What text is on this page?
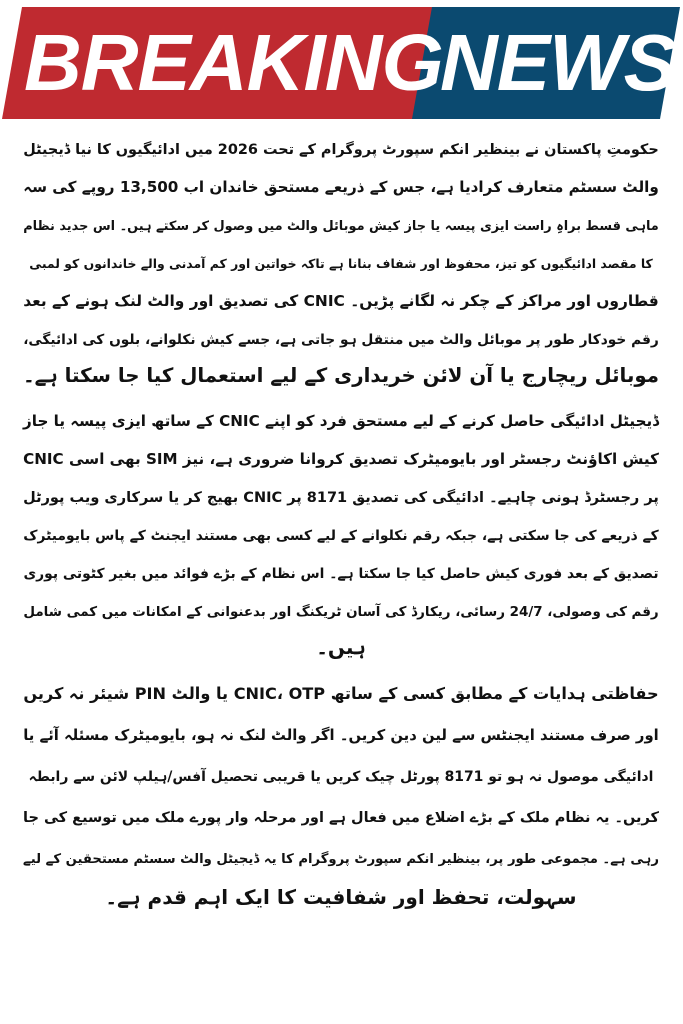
BREAKING
NEWS
حکومتِ پاکستان نے بینظیر انکم سپورٹ پروگرام کے تحت 2026 میں ادائیگیوں کا نیا ڈیجیٹل
والٹ سسٹم متعارف کرادیا ہے، جس کے ذریعے مستحق خاندان اب 13,500 روپے کی سہ
ماہی قسط براہِ راست ایزی پیسہ یا جاز کیش موبائل والٹ میں وصول کر سکتے ہیں۔ اس جدید نظام
کا مقصد ادائیگیوں کو تیز، محفوظ اور شفاف بنانا ہے تاکہ خواتین اور کم آمدنی والے خاندانوں کو لمبی
قطاروں اور مراکز کے چکر نہ لگانے پڑیں۔ CNIC کی تصدیق اور والٹ لنک ہونے کے بعد
رقم خودکار طور پر موبائل والٹ میں منتقل ہو جاتی ہے، جسے کیش نکلوانے، بلوں کی ادائیگی،
موبائل ریچارج یا آن لائن خریداری کے لیے استعمال کیا جا سکتا ہے۔
ڈیجیٹل ادائیگی حاصل کرنے کے لیے مستحق فرد کو اپنے CNIC کے ساتھ ایزی پیسہ یا جاز
کیش اکاؤنٹ رجسٹر اور بایومیٹرک تصدیق کروانا ضروری ہے، نیز SIM بھی اسی CNIC
پر رجسٹرڈ ہونی چاہیے۔ ادائیگی کی تصدیق 8171 پر CNIC بھیج کر یا سرکاری ویب پورٹل
کے ذریعے کی جا سکتی ہے، جبکہ رقم نکلوانے کے لیے کسی بھی مستند ایجنٹ کے پاس بایومیٹرک
تصدیق کے بعد فوری کیش حاصل کیا جا سکتا ہے۔ اس نظام کے بڑے فوائد میں بغیر کٹوتی پوری
رقم کی وصولی، 24/7 رسائی، ریکارڈ کی آسان ٹریکنگ اور بدعنوانی کے امکانات میں کمی شامل
ہیں۔
حفاظتی ہدایات کے مطابق کسی کے ساتھ CNIC، OTP یا والٹ PIN شیئر نہ کریں
اور صرف مستند ایجنٹس سے لین دین کریں۔ اگر والٹ لنک نہ ہو، بایومیٹرک مسئلہ آئے یا
ادائیگی موصول نہ ہو تو 8171 پورٹل چیک کریں یا قریبی تحصیل آفس/ہیلپ لائن سے رابطہ
کریں۔ یہ نظام ملک کے بڑے اضلاع میں فعال ہے اور مرحلہ وار پورے ملک میں توسیع کی جا
رہی ہے۔ مجموعی طور پر، بینظیر انکم سپورٹ پروگرام کا یہ ڈیجیٹل والٹ سسٹم مستحقین کے لیے
سہولت، تحفظ اور شفافیت کا ایک اہم قدم ہے۔
